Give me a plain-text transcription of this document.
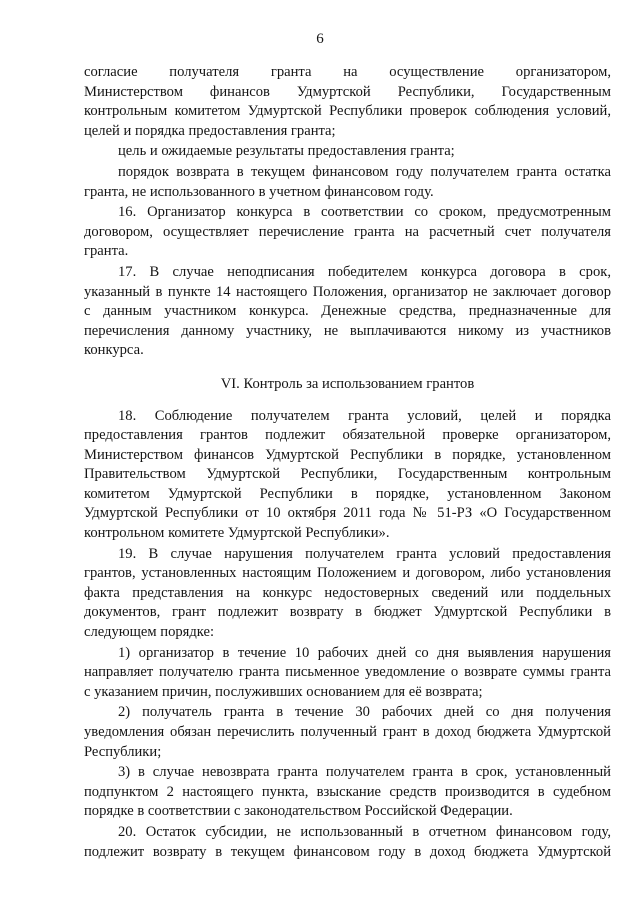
6
согласие получателя гранта на осуществление организатором,
Министерством финансов Удмуртской Республики, Государственным
контрольным комитетом Удмуртской Республики проверок соблюдения условий,
целей и порядка предоставления гранта;
цель и ожидаемые результаты предоставления гранта;
порядок возврата в текущем финансовом году получателем гранта остатка
гранта, не использованного в учетном финансовом году.
16. Организатор конкурса в соответствии со сроком, предусмотренным
договором, осуществляет перечисление гранта на расчетный счет получателя
гранта.
17. В случае неподписания победителем конкурса договора в срок,
указанный в пункте 14 настоящего Положения, организатор не заключает договор
с данным участником конкурса. Денежные средства, предназначенные для
перечисления данному участнику, не выплачиваются никому из участников
конкурса.
VI. Контроль за использованием грантов
18. Соблюдение получателем гранта условий, целей и порядка
предоставления грантов подлежит обязательной проверке организатором,
Министерством финансов Удмуртской Республики в порядке, установленном
Правительством Удмуртской Республики, Государственным контрольным
комитетом Удмуртской Республики в порядке, установленном Законом
Удмуртской Республики от 10 октября 2011 года № 51-РЗ «О Государственном
контрольном комитете Удмуртской Республики».
19. В случае нарушения получателем гранта условий предоставления
грантов, установленных настоящим Положением и договором, либо установления
факта представления на конкурс недостоверных сведений или поддельных
документов, грант подлежит возврату в бюджет Удмуртской Республики в
следующем порядке:
1) организатор в течение 10 рабочих дней со дня выявления нарушения
направляет получателю гранта письменное уведомление о возврате суммы гранта
с указанием причин, послуживших основанием для её возврата;
2) получатель гранта в течение 30 рабочих дней со дня получения
уведомления обязан перечислить полученный грант в доход бюджета Удмуртской
Республики;
3) в случае невозврата гранта получателем гранта в срок, установленный
подпунктом 2 настоящего пункта, взыскание средств производится в судебном
порядке в соответствии с законодательством Российской Федерации.
20. Остаток субсидии, не использованный в отчетном финансовом году,
подлежит возврату в текущем финансовом году в доход бюджета Удмуртской
